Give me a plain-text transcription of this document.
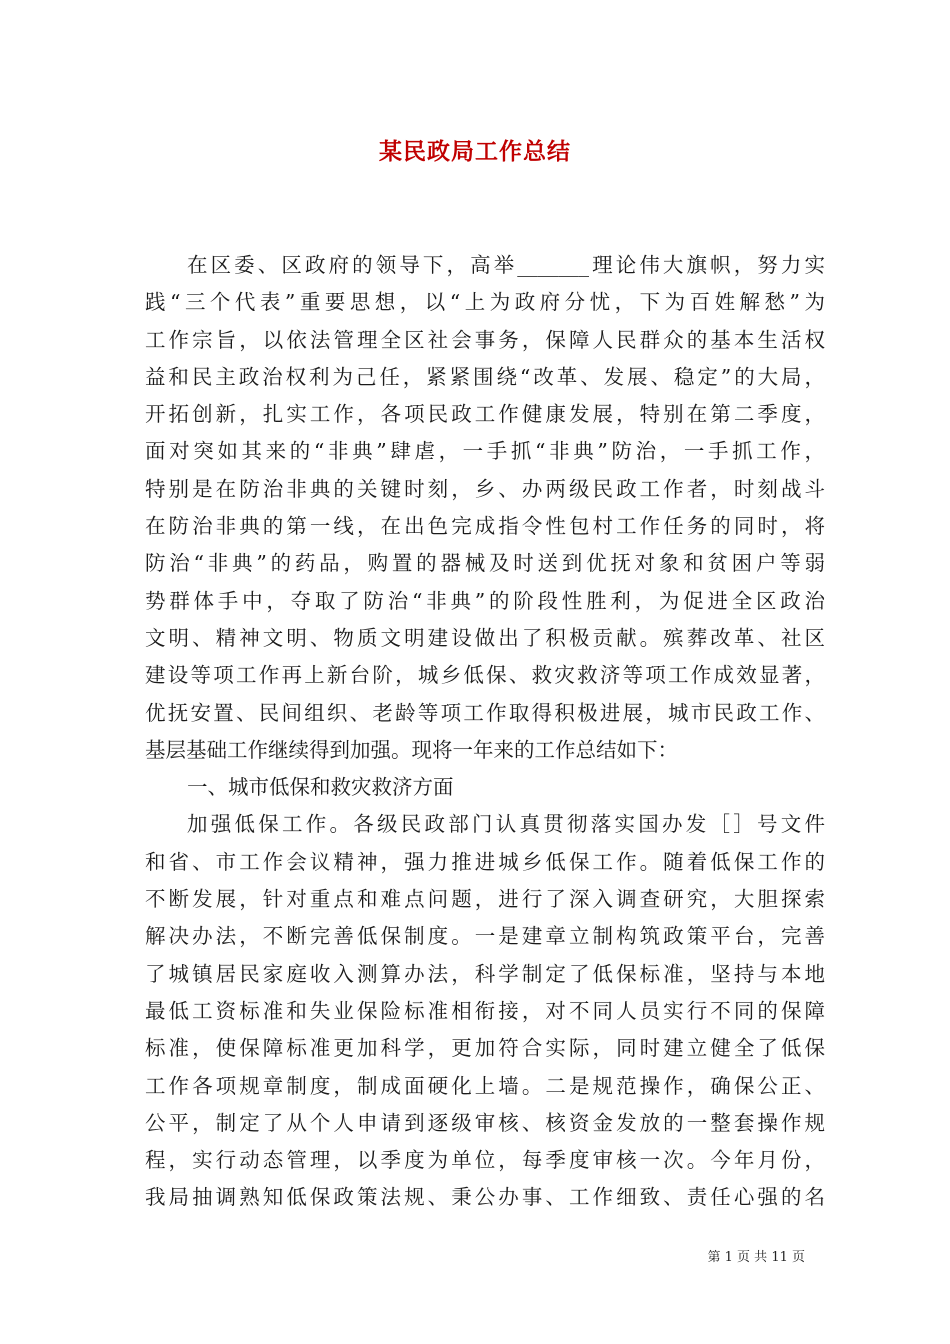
某民政局工作总结
在区委、区政府的领导下，高举_______理论伟大旗帜，努力实
践“三个代表”重要思想，以“上为政府分忧，下为百姓解愁”为
工作宗旨，以依法管理全区社会事务，保障人民群众的基本生活权
益和民主政治权利为己任，紧紧围绕“改革、发展、稳定”的大局，
开拓创新，扎实工作，各项民政工作健康发展，特别在第二季度，
面对突如其来的“非典”肆虐，一手抓“非典”防治，一手抓工作，
特别是在防治非典的关键时刻，乡、办两级民政工作者，时刻战斗
在防治非典的第一线，在出色完成指令性包村工作任务的同时，将
防治“非典”的药品，购置的器械及时送到优抚对象和贫困户等弱
势群体手中，夺取了防治“非典”的阶段性胜利，为促进全区政治
文明、精神文明、物质文明建设做出了积极贡献。殡葬改革、社区
建设等项工作再上新台阶，城乡低保、救灾救济等项工作成效显著，
优抚安置、民间组织、老龄等项工作取得积极进展，城市民政工作、
基层基础工作继续得到加强。现将一年来的工作总结如下：
一、城市低保和救灾救济方面
加强低保工作。各级民政部门认真贯彻落实国办发［］号文件
和省、市工作会议精神，强力推进城乡低保工作。随着低保工作的
不断发展，针对重点和难点问题，进行了深入调查研究，大胆探索
解决办法，不断完善低保制度。一是建章立制构筑政策平台，完善
了城镇居民家庭收入测算办法，科学制定了低保标准，坚持与本地
最低工资标准和失业保险标准相衔接，对不同人员实行不同的保障
标准，使保障标准更加科学，更加符合实际，同时建立健全了低保
工作各项规章制度，制成面硬化上墙。二是规范操作，确保公正、
公平，制定了从个人申请到逐级审核、核资金发放的一整套操作规
程，实行动态管理，以季度为单位，每季度审核一次。今年月份，
我局抽调熟知低保政策法规、秉公办事、工作细致、责任心强的名
第 1 页 共 11 页
